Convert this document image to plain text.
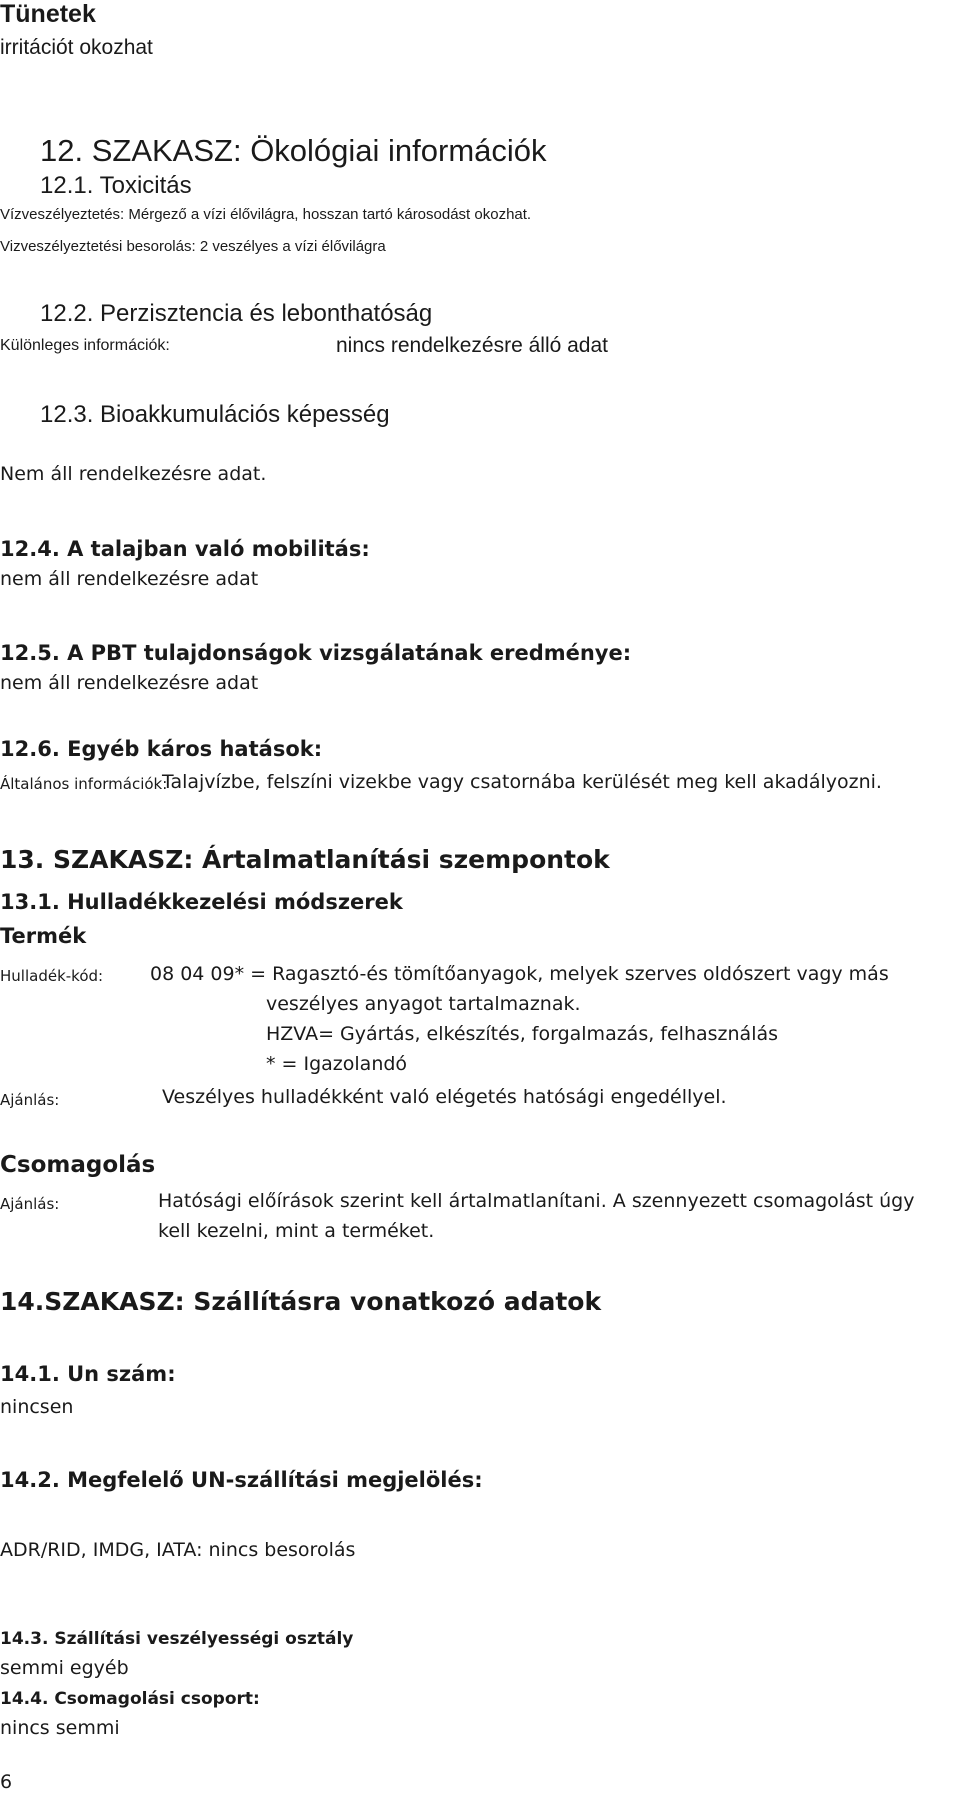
Tünetek
irritációt okozhat
12. SZAKASZ: Ökológiai információk
12.1. Toxicitás
Vízveszélyeztetés: Mérgező a vízi élővilágra, hosszan tartó károsodást okozhat.
Vizveszélyeztetési besorolás: 2 veszélyes a vízi élővilágra
12.2. Perzisztencia és lebonthatóság
Különleges információk:	nincs rendelkezésre álló adat
12.3. Bioakkumulációs képesség
Nem áll rendelkezésre adat.
12.4. A talajban való mobilitás:
nem áll rendelkezésre adat
12.5. A PBT tulajdonságok vizsgálatának eredménye:
nem áll rendelkezésre adat
12.6. Egyéb káros hatások:
Általános információk:
Talajvízbe, felszíni vizekbe vagy csatornába kerülését meg kell akadályozni.
13. SZAKASZ: Ártalmatlanítási szempontok
13.1. Hulladékkezelési módszerek
Termék
Hulladék-kód: 08 04 09* = Ragasztó-és tömítőanyagok, melyek szerves oldószert vagy más
veszélyes anyagot tartalmaznak.
HZVA= Gyártás, elkészítés, forgalmazás, felhasználás
* = Igazolandó
Ajánlás:	Veszélyes hulladékként való elégetés hatósági engedéllyel.
Csomagolás
Ajánlás:	Hatósági előírások szerint kell ártalmatlanítani. A szennyezett csomagolást úgy
kell kezelni, mint a terméket.
14.SZAKASZ: Szállításra vonatkozó adatok
14.1. Un szám:
nincsen
14.2. Megfelelő UN-szállítási megjelölés:
ADR/RID, IMDG, IATA: nincs besorolás
14.3. Szállítási veszélyességi osztály
semmi egyéb
14.4. Csomagolási csoport:
nincs semmi
6
